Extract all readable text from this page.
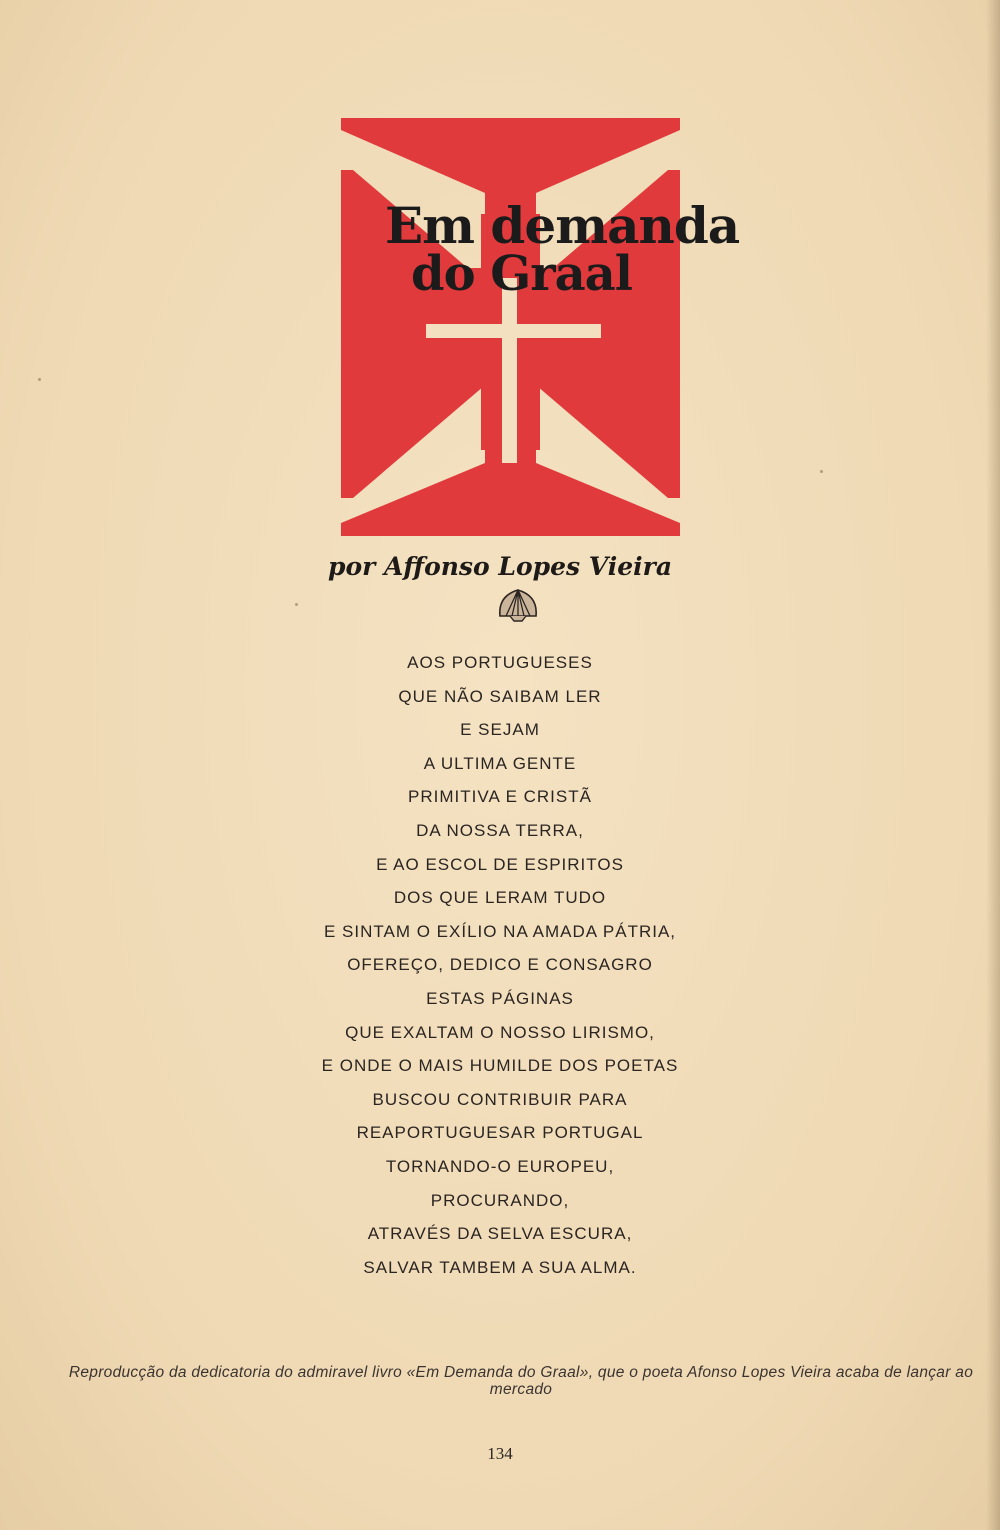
Em demanda
do Graal
por Affonso Lopes Vieira
AOS PORTUGUESES
QUE NÃO SAIBAM LER
E SEJAM
A ULTIMA GENTE
PRIMITIVA E CRISTÃ
DA NOSSA TERRA,
E AO ESCOL DE ESPIRITOS
DOS QUE LERAM TUDO
E SINTAM O EXÍLIO NA AMADA PÁTRIA,
OFEREÇO, DEDICO E CONSAGRO
ESTAS PÁGINAS
QUE EXALTAM O NOSSO LIRISMO,
E ONDE O MAIS HUMILDE DOS POETAS
BUSCOU CONTRIBUIR PARA
REAPORTUGUESAR PORTUGAL
TORNANDO-O EUROPEU,
PROCURANDO,
ATRAVÉS DA SELVA ESCURA,
SALVAR TAMBEM A SUA ALMA.
Reproducção da dedicatoria do admiravel livro «Em Demanda do Graal», que o poeta Afonso Lopes Vieira acaba de lançar ao mercado
134
